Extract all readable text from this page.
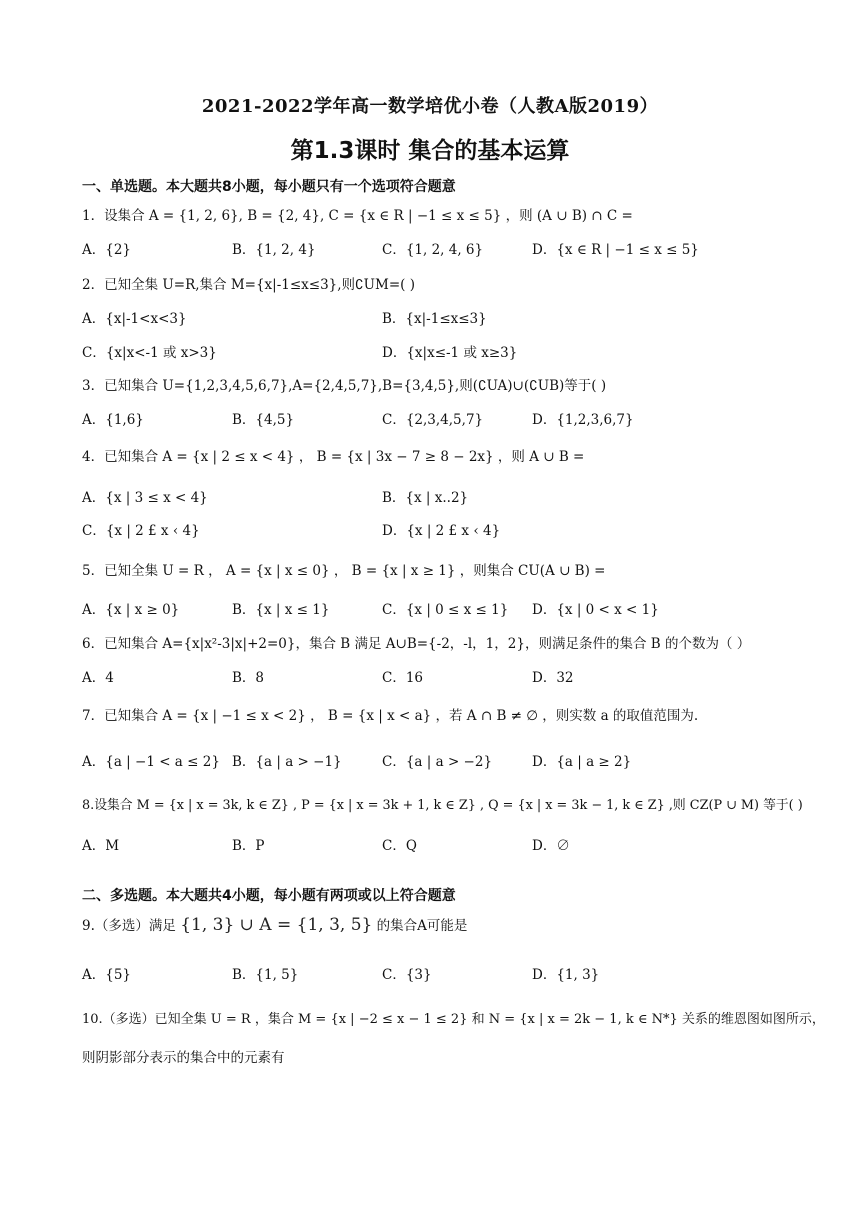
2021-2022学年高一数学培优小卷（人教A版2019）
第1.3课时 集合的基本运算
一、单选题。本大题共8小题，每小题只有一个选项符合题意
1．设集合 A = {1, 2, 6}, B = {2, 4}, C = {x ∈ R | −1 ≤ x ≤ 5} ，则 (A ∪ B) ∩ C =
A．{2}	B．{1, 2, 4}	C．{1, 2, 4, 6}	D．{x ∈ R | −1 ≤ x ≤ 5}
2．已知全集 U=R,集合 M={x|-1≤x≤3},则∁UM=( )
A．{x|-1<x<3}	B．{x|-1≤x≤3}
C．{x|x<-1 或 x>3}	D．{x|x≤-1 或 x≥3}
3．已知集合 U={1,2,3,4,5,6,7},A={2,4,5,7},B={3,4,5},则(∁UA)∪(∁UB)等于( )
A．{1,6}	B．{4,5}	C．{2,3,4,5,7}	D．{1,2,3,6,7}
4．已知集合 A = {x | 2 ≤ x < 4} ， B = {x | 3x − 7 ≥ 8 − 2x} ，则 A ∪ B =
A．{x | 3 ≤ x < 4}	B．{x | x..2}
C．{x | 2 £ x ‹ 4}	D．{x | 2 £ x ‹ 4}
5．已知全集 U = R ， A = {x | x ≤ 0} ， B = {x | x ≥ 1} ，则集合 CU(A ∪ B) =
A．{x | x ≥ 0}	B．{x | x ≤ 1}	C．{x | 0 ≤ x ≤ 1} D．{x | 0 < x < 1}
6．已知集合 A={x|x²-3|x|+2=0}，集合 B 满足 A∪B={-2，-l，1，2}，则满足条件的集合 B 的个数为（ ）
A．4	B．8	C．16	D．32
7．已知集合 A = {x | −1 ≤ x < 2} ， B = {x | x < a} ，若 A ∩ B ≠ ∅ ，则实数 a 的取值范围为.
A．{a | −1 < a ≤ 2} B．{a | a > −1}	C．{a | a > −2}	D．{a | a ≥ 2}
8.设集合 M = {x | x = 3k, k ∈ Z} , P = {x | x = 3k + 1, k ∈ Z} , Q = {x | x = 3k − 1, k ∈ Z} ,则 CZ(P ∪ M) 等于( )
A．M	B．P	C．Q	D．∅
二、多选题。本大题共4小题，每小题有两项或以上符合题意
9.（多选）满足 {1, 3} ∪ A = {1, 3, 5} 的集合A可能是
A．{5}	B．{1, 5}	C．{3}	D．{1, 3}
10.（多选）已知全集 U = R ，集合 M = {x | −2 ≤ x − 1 ≤ 2} 和 N = {x | x = 2k − 1, k ∈ N*} 关系的维恩图如图所示，
则阴影部分表示的集合中的元素有
